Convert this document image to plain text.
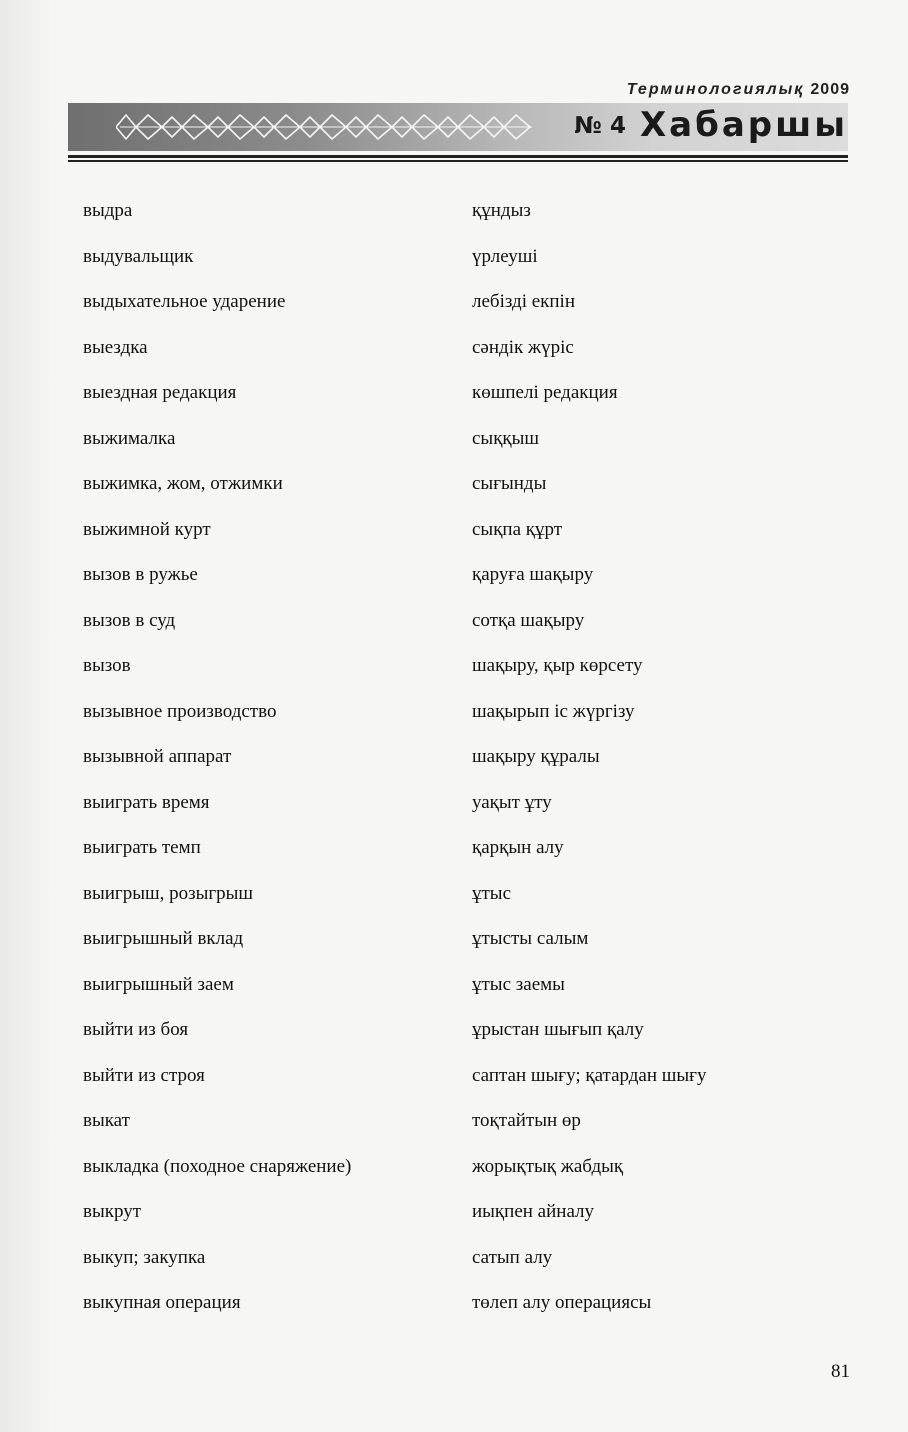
Терминологиялық 2009
№ 4 Хабаршы
выдра	құндыз
выдувальщик	үрлеуші
выдыхательное ударение	лебізді екпін
выездка	сәндік жүріс
выездная редакция	көшпелі редакция
выжималка	сыққыш
выжимка, жом, отжимки	сығынды
выжимной курт	сықпа құрт
вызов в ружье	қаруға шақыру
вызов в суд	сотқа шақыру
вызов	шақыру, қыр көрсету
вызывное производство	шақырып іс жүргізу
вызывной аппарат	шақыру құралы
выиграть время	уақыт ұту
выиграть темп	қарқын алу
выигрыш, розыгрыш	ұтыс
выигрышный вклад	ұтысты салым
выигрышный заем	ұтыс заемы
выйти из боя	ұрыстан шығып қалу
выйти из строя	саптан шығу; қатардан шығу
выкат	тоқтайтын өр
выкладка (походное снаряжение)	жорықтық жабдық
выкрут	иықпен айналу
выкуп; закупка	сатып алу
выкупная операция	төлеп алу операциясы
81
